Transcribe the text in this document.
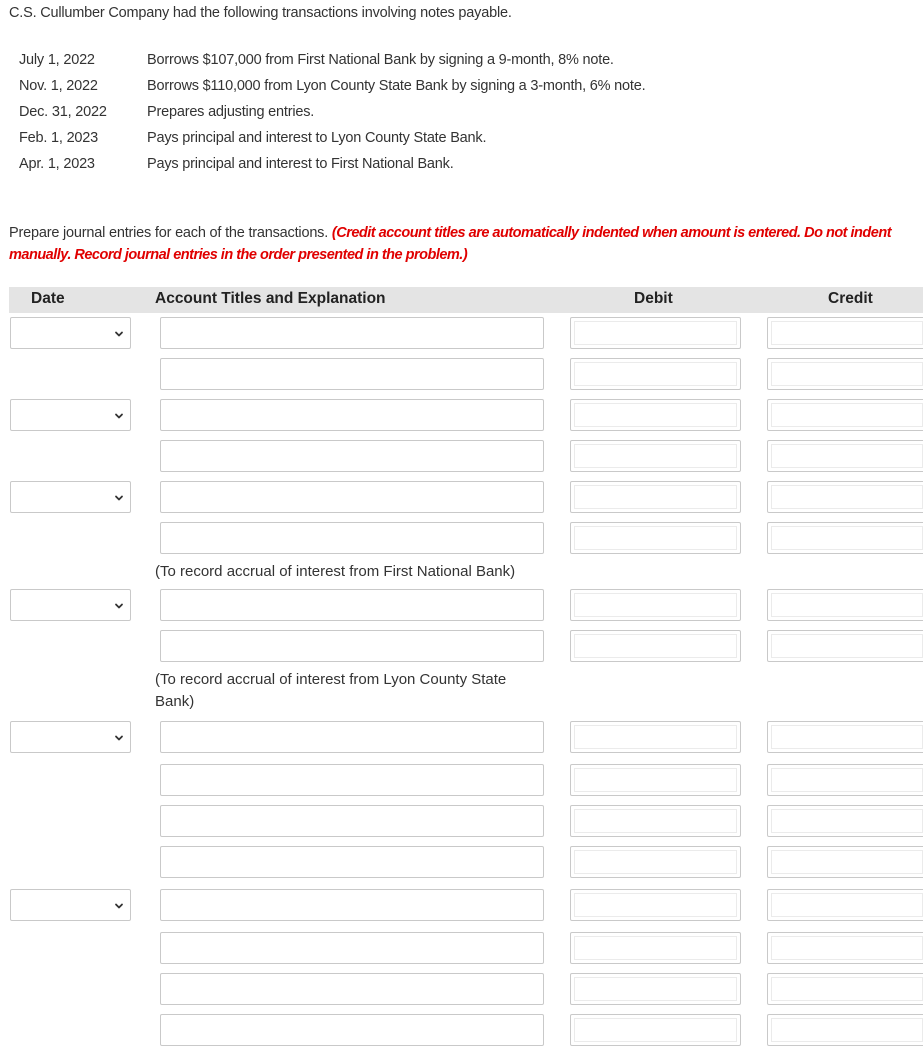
C.S. Cullumber Company had the following transactions involving notes payable.
July 1, 2022	Borrows $107,000 from First National Bank by signing a 9-month, 8% note.
Nov. 1, 2022	Borrows $110,000 from Lyon County State Bank by signing a 3-month, 6% note.
Dec. 31, 2022	Prepares adjusting entries.
Feb. 1, 2023	Pays principal and interest to Lyon County State Bank.
Apr. 1, 2023	Pays principal and interest to First National Bank.
Prepare journal entries for each of the transactions. (Credit account titles are automatically indented when amount is entered. Do not indent manually. Record journal entries in the order presented in the problem.)
Date	Account Titles and Explanation	Debit	Credit
(To record accrual of interest from First National Bank)
(To record accrual of interest from Lyon County State Bank)
